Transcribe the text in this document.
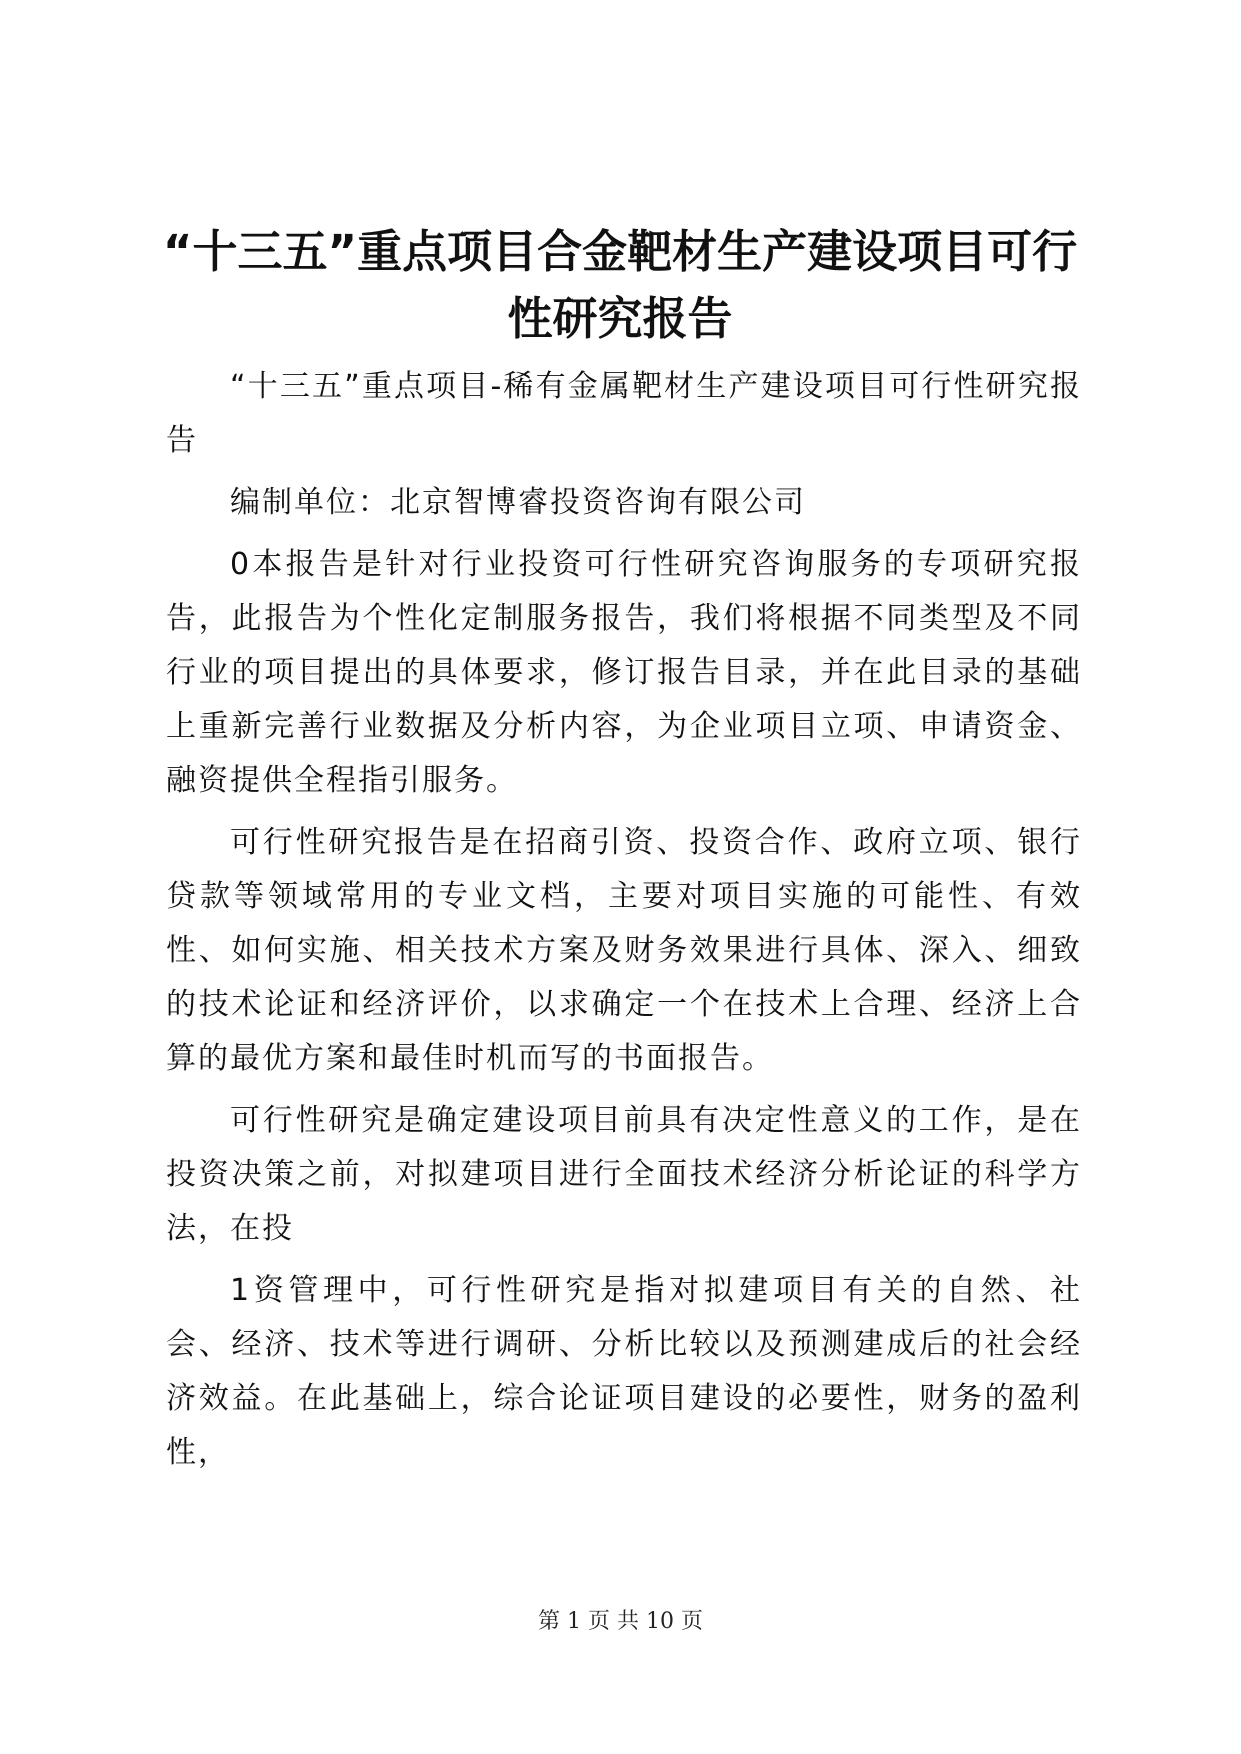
“十三五”重点项目合金靶材生产建设项目可行性研究报告

“十三五”重点项目-稀有金属靶材生产建设项目可行性研究报告

编制单位：北京智博睿投资咨询有限公司

0本报告是针对行业投资可行性研究咨询服务的专项研究报告，此报告为个性化定制服务报告，我们将根据不同类型及不同行业的项目提出的具体要求，修订报告目录，并在此目录的基础上重新完善行业数据及分析内容，为企业项目立项、申请资金、融资提供全程指引服务。

可行性研究报告是在招商引资、投资合作、政府立项、银行贷款等领域常用的专业文档，主要对项目实施的可能性、有效性、如何实施、相关技术方案及财务效果进行具体、深入、细致的技术论证和经济评价，以求确定一个在技术上合理、经济上合算的最优方案和最佳时机而写的书面报告。

可行性研究是确定建设项目前具有决定性意义的工作，是在投资决策之前，对拟建项目进行全面技术经济分析论证的科学方法，在投

1资管理中，可行性研究是指对拟建项目有关的自然、社会、经济、技术等进行调研、分析比较以及预测建成后的社会经济效益。在此基础上，综合论证项目建设的必要性，财务的盈利性，

第 1 页 共 10 页
